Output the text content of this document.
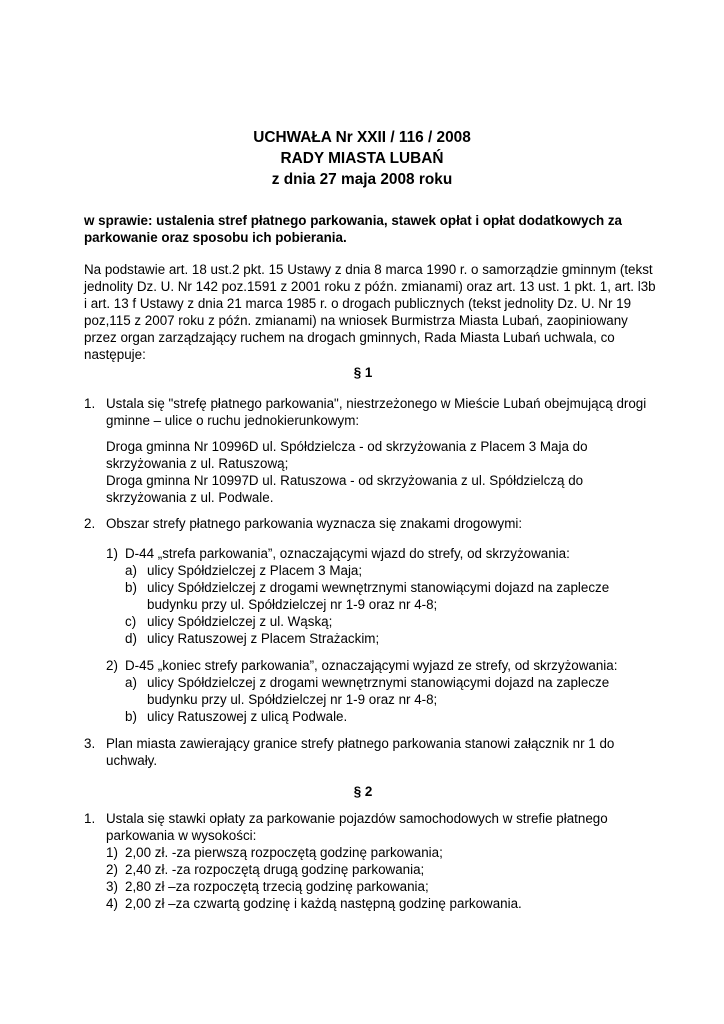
UCHWAŁA Nr XXII / 116 / 2008
RADY MIASTA LUBAŃ
z dnia 27 maja 2008 roku
w sprawie: ustalenia stref płatnego parkowania, stawek opłat i opłat dodatkowych za
parkowanie oraz sposobu ich pobierania.
Na podstawie art. 18 ust.2 pkt. 15 Ustawy z dnia 8 marca 1990 r. o samorządzie gminnym (tekst
jednolity Dz. U. Nr 142 poz.1591 z 2001 roku z późn. zmianami) oraz art. 13 ust. 1 pkt. 1, art. l3b
i art. 13 f Ustawy z dnia 21 marca 1985 r. o drogach publicznych (tekst jednolity Dz. U. Nr 19
poz,115 z 2007 roku z późn. zmianami) na wniosek Burmistrza Miasta Lubań, zaopiniowany
przez organ zarządzający ruchem na drogach gminnych, Rada Miasta Lubań uchwala, co
następuje:
§ 1
1. Ustala się "strefę płatnego parkowania", niestrzeżonego w Mieście Lubań obejmującą drogi
gminne – ulice o ruchu jednokierunkowym:
Droga gminna Nr 10996D ul. Spółdzielcza - od skrzyżowania z Placem 3 Maja do
skrzyżowania z ul. Ratuszową;
Droga gminna Nr 10997D ul. Ratuszowa - od skrzyżowania z ul. Spółdzielczą do
skrzyżowania z ul. Podwale.
2. Obszar strefy płatnego parkowania wyznacza się znakami drogowymi:
1) D-44 „strefa parkowania”, oznaczającymi wjazd do strefy, od skrzyżowania:
a) ulicy Spółdzielczej z Placem 3 Maja;
b) ulicy Spółdzielczej z drogami wewnętrznymi stanowiącymi dojazd na zaplecze
budynku przy ul. Spółdzielczej nr 1-9 oraz nr 4-8;
c) ulicy Spółdzielczej z ul. Wąską;
d) ulicy Ratuszowej z Placem Strażackim;
2) D-45 „koniec strefy parkowania”, oznaczającymi wyjazd ze strefy, od skrzyżowania:
a) ulicy Spółdzielczej z drogami wewnętrznymi stanowiącymi dojazd na zaplecze
budynku przy ul. Spółdzielczej nr 1-9 oraz nr 4-8;
b) ulicy Ratuszowej z ulicą Podwale.
3. Plan miasta zawierający granice strefy płatnego parkowania stanowi załącznik nr 1 do
uchwały.
§ 2
1. Ustala się stawki opłaty za parkowanie pojazdów samochodowych w strefie płatnego
parkowania w wysokości:
1) 2,00 zł. -za pierwszą rozpoczętą godzinę parkowania;
2) 2,40 zł. -za rozpoczętą drugą godzinę parkowania;
3) 2,80 zł –za rozpoczętą trzecią godzinę parkowania;
4) 2,00 zł –za czwartą godzinę i każdą następną godzinę parkowania.
